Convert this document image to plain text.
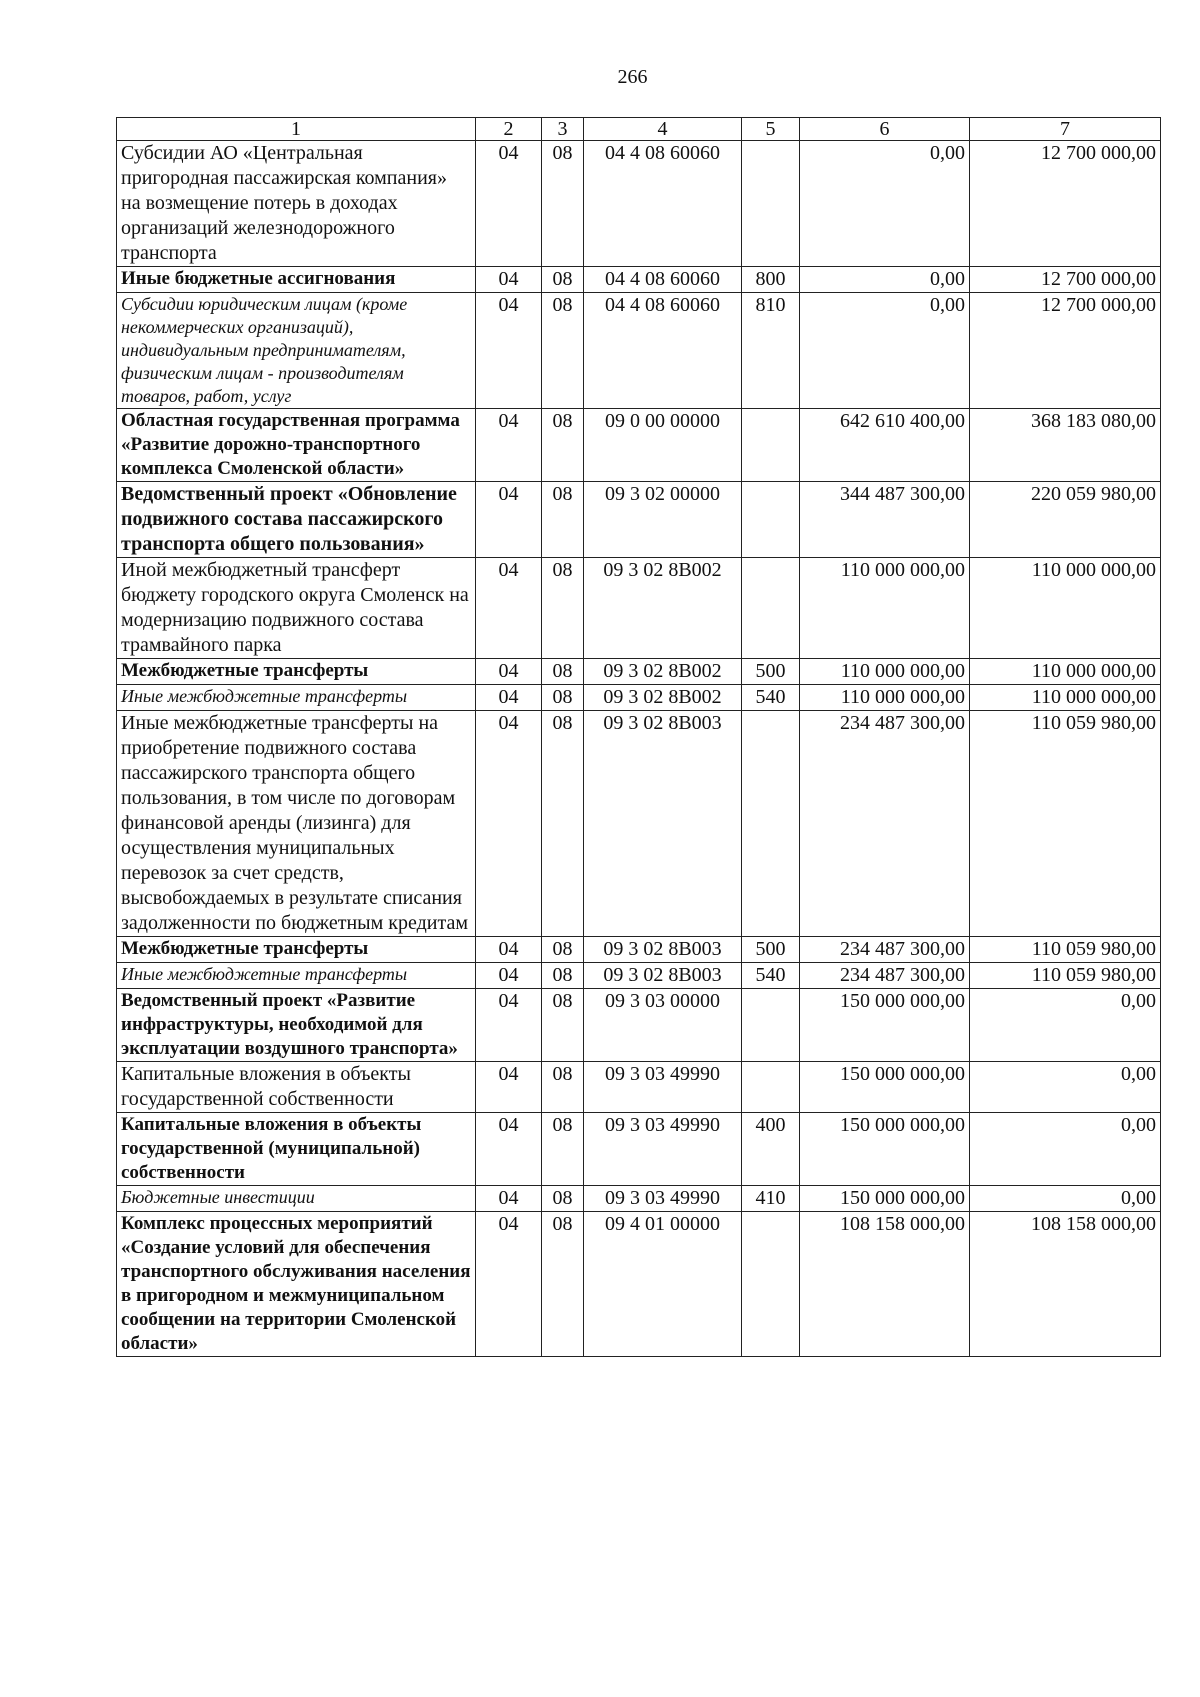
266
1	2	3	4	5	6	7
Субсидии АО «Центральная пригородная пассажирская компания» на возмещение потерь в доходах организаций железнодорожного транспорта	04	08	04 4 08 60060		0,00	12 700 000,00
Иные бюджетные ассигнования	04	08	04 4 08 60060	800	0,00	12 700 000,00
Субсидии юридическим лицам (кроме некоммерческих организаций), индивидуальным предпринимателям, физическим лицам - производителям товаров, работ, услуг	04	08	04 4 08 60060	810	0,00	12 700 000,00
Областная государственная программа «Развитие дорожно-транспортного комплекса Смоленской области»	04	08	09 0 00 00000		642 610 400,00	368 183 080,00
Ведомственный проект «Обновление подвижного состава пассажирского транспорта общего пользования»	04	08	09 3 02 00000		344 487 300,00	220 059 980,00
Иной межбюджетный трансферт бюджету городского округа Смоленск на модернизацию подвижного состава трамвайного парка	04	08	09 3 02 8В002		110 000 000,00	110 000 000,00
Межбюджетные трансферты	04	08	09 3 02 8В002	500	110 000 000,00	110 000 000,00
Иные межбюджетные трансферты	04	08	09 3 02 8В002	540	110 000 000,00	110 000 000,00
Иные межбюджетные трансферты на приобретение подвижного состава пассажирского транспорта общего пользования, в том числе по договорам финансовой аренды (лизинга) для осуществления муниципальных перевозок за счет средств, высвобождаемых в результате списания задолженности по бюджетным кредитам	04	08	09 3 02 8В003		234 487 300,00	110 059 980,00
Межбюджетные трансферты	04	08	09 3 02 8В003	500	234 487 300,00	110 059 980,00
Иные межбюджетные трансферты	04	08	09 3 02 8В003	540	234 487 300,00	110 059 980,00
Ведомственный проект «Развитие инфраструктуры, необходимой для эксплуатации воздушного транспорта»	04	08	09 3 03 00000		150 000 000,00	0,00
Капитальные вложения в объекты государственной собственности	04	08	09 3 03 49990		150 000 000,00	0,00
Капитальные вложения в объекты государственной (муниципальной) собственности	04	08	09 3 03 49990	400	150 000 000,00	0,00
Бюджетные инвестиции	04	08	09 3 03 49990	410	150 000 000,00	0,00
Комплекс процессных мероприятий «Создание условий для обеспечения транспортного обслуживания населения в пригородном и межмуниципальном сообщении на территории Смоленской области»	04	08	09 4 01 00000		108 158 000,00	108 158 000,00
